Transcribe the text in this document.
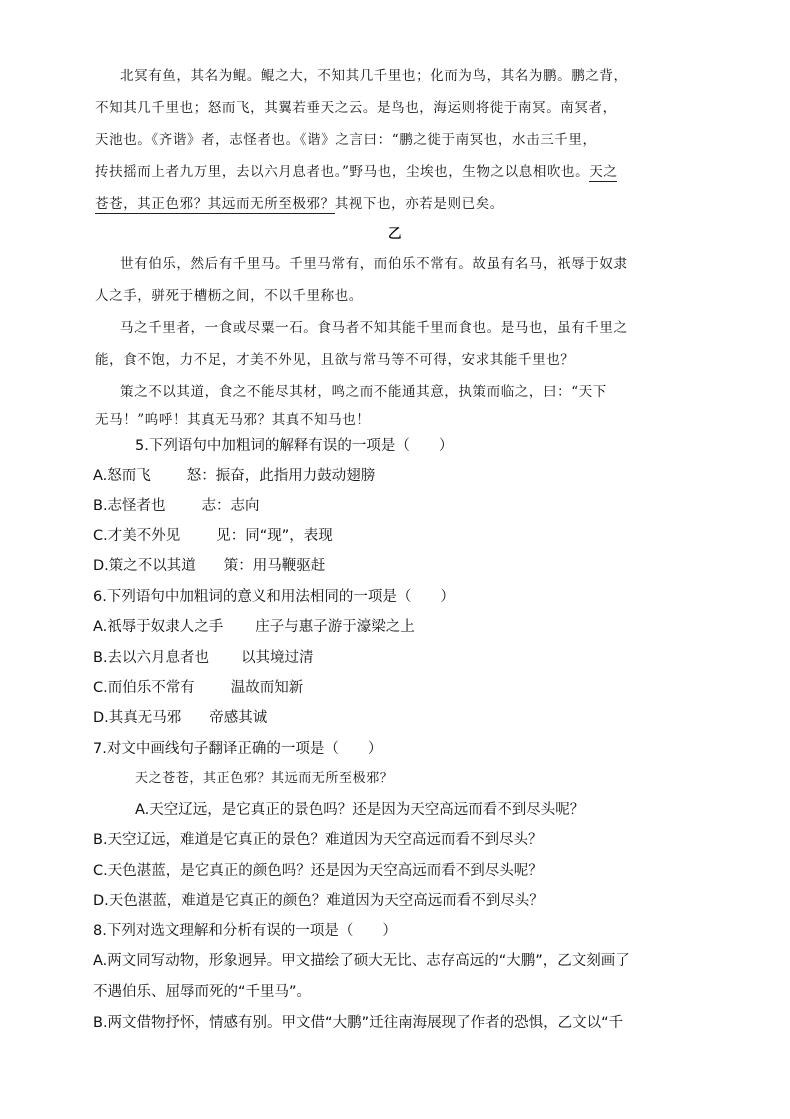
北冥有鱼，其名为鲲。鲲之大，不知其几千里也；化而为鸟，其名为鹏。鹏之背，
不知其几千里也；怒而飞，其翼若垂天之云。是鸟也，海运则将徙于南冥。南冥者，
天池也。《齐谐》者，志怪者也。《谐》之言曰：“鹏之徙于南冥也，水击三千里，
抟扶摇而上者九万里，去以六月息者也。”野马也，尘埃也，生物之以息相吹也。天之
苍苍，其正色邪？其远而无所至极邪？其视下也，亦若是则已矣。
乙
世有伯乐，然后有千里马。千里马常有，而伯乐不常有。故虽有名马，祇辱于奴隶
人之手，骈死于槽枥之间，不以千里称也。
马之千里者，一食或尽粟一石。食马者不知其能千里而食也。是马也，虽有千里之
能，食不饱，力不足，才美不外见，且欲与常马等不可得，安求其能千里也？
策之不以其道，食之不能尽其材，鸣之而不能通其意，执策而临之，曰：“天下
无马！”呜呼！其真无马邪？其真不知马也！
5.下列语句中加粗词的解释有误的一项是（　　）
A.怒而飞 怒：振奋，此指用力鼓动翅膀
B.志怪者也 志：志向
C.才美不外见 见：同“现”，表现
D.策之不以其道 策：用马鞭驱赶
6.下列语句中加粗词的意义和用法相同的一项是（　　）
A.祇辱于奴隶人之手 庄子与惠子游于濠梁之上
B.去以六月息者也 以其境过清
C.而伯乐不常有 温故而知新
D.其真无马邪 帝感其诚
7.对文中画线句子翻译正确的一项是（　　）
天之苍苍，其正色邪？其远而无所至极邪？
A.天空辽远，是它真正的景色吗？还是因为天空高远而看不到尽头呢？
B.天空辽远，难道是它真正的景色？难道因为天空高远而看不到尽头？
C.天色湛蓝，是它真正的颜色吗？还是因为天空高远而看不到尽头呢？
D.天色湛蓝，难道是它真正的颜色？难道因为天空高远而看不到尽头？
8.下列对选文理解和分析有误的一项是（　　）
A.两文同写动物，形象迥异。甲文描绘了硕大无比、志存高远的“大鹏”，乙文刻画了
不遇伯乐、屈辱而死的“千里马”。
B.两文借物抒怀，情感有别。甲文借“大鹏”迁往南海展现了作者的恐惧，乙文以“千
